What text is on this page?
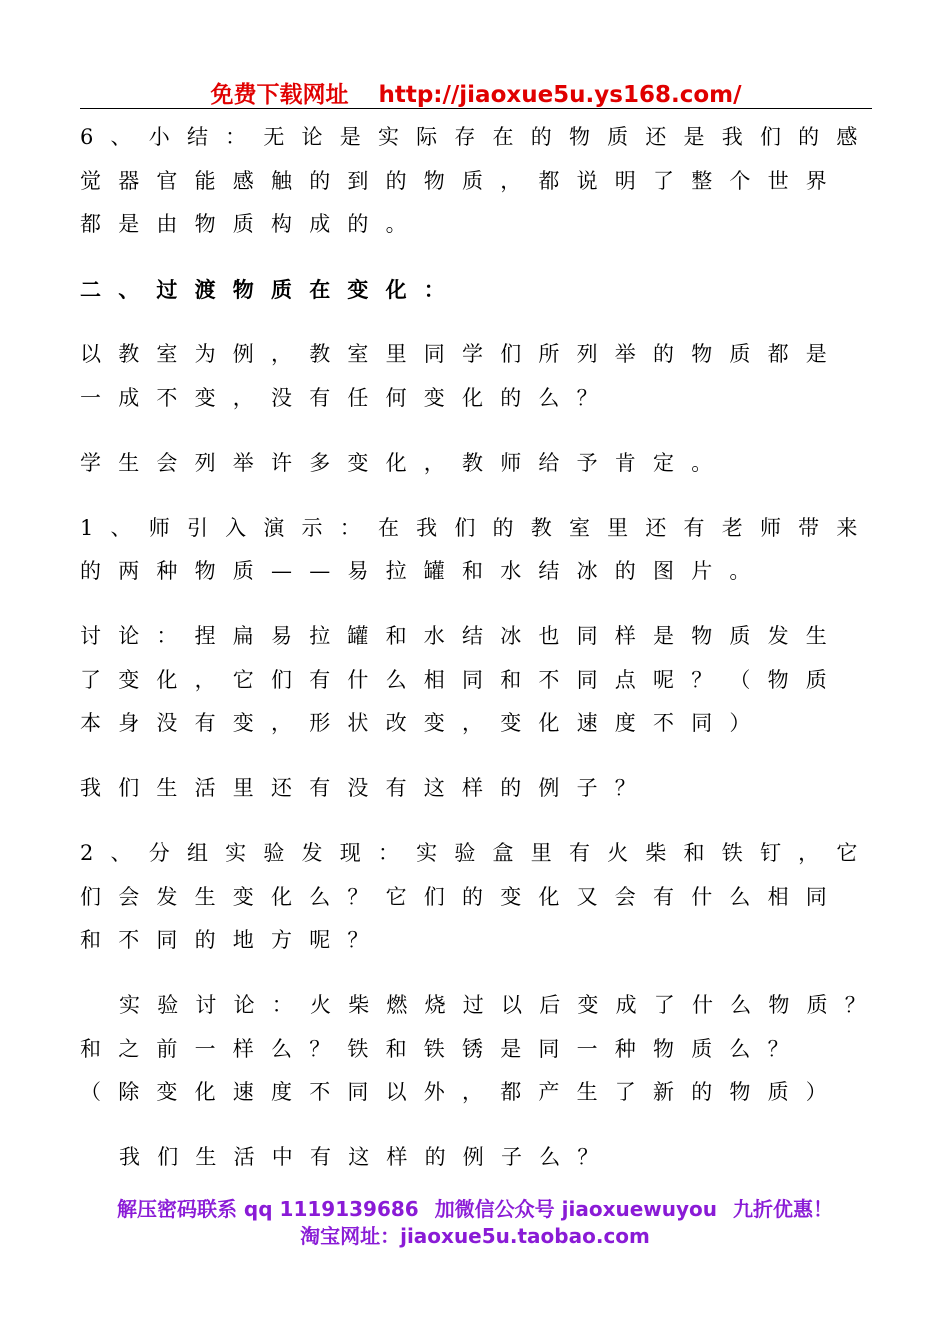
免费下载网址 http://jiaoxue5u.ys168.com/
6、小结：无论是实际存在的物质还是我们的感
觉器官能感触的到的物质，都说明了整个世界
都是由物质构成的。
二、过渡物质在变化：
以教室为例，教室里同学们所列举的物质都是
一成不变，没有任何变化的么？
学生会列举许多变化，教师给予肯定。
1、师引入演示：在我们的教室里还有老师带来
的两种物质——易拉罐和水结冰的图片。
讨论：捏扁易拉罐和水结冰也同样是物质发生
了变化，它们有什么相同和不同点呢？（物质
本身没有变，形状改变，变化速度不同）
我们生活里还有没有这样的例子？
2、分组实验发现：实验盒里有火柴和铁钉，它
们会发生变化么？它们的变化又会有什么相同
和不同的地方呢？
实验讨论：火柴燃烧过以后变成了什么物质？
和之前一样么？铁和铁锈是同一种物质么？
（除变化速度不同以外，都产生了新的物质）
我们生活中有这样的例子么？
解压密码联系 qq 1119139686 加微信公众号 jiaoxuewuyou 九折优惠！
淘宝网址：jiaoxue5u.taobao.com
